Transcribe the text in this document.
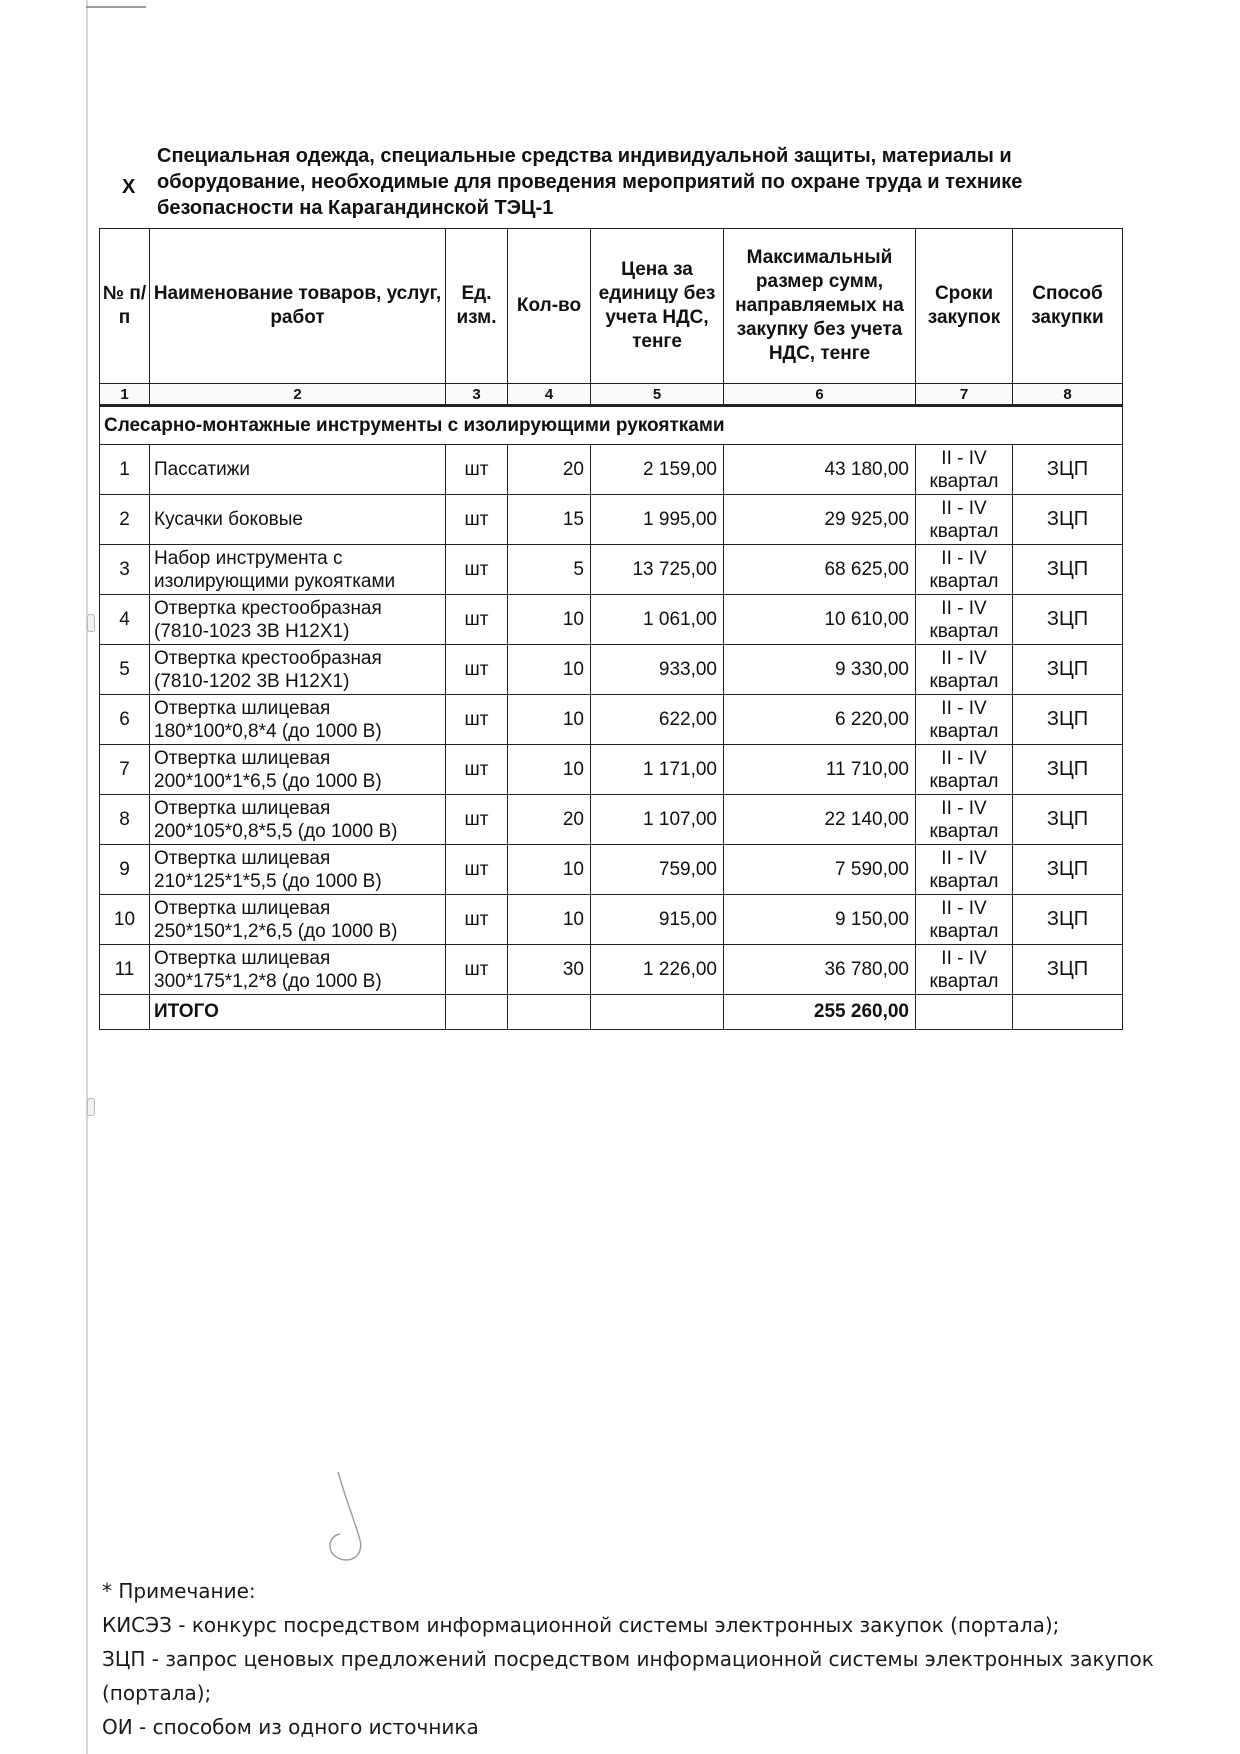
X
Специальная одежда, специальные средства индивидуальной защиты, материалы и оборудование, необходимые для проведения мероприятий по охране труда и технике безопасности на Карагандинской ТЭЦ-1
№ п/п	Наименование товаров, услуг, работ	Ед. изм.	Кол-во	Цена за единицу без учета НДС, тенге	Максимальный размер сумм, направляемых на закупку без учета НДС, тенге	Сроки закупок	Способ закупки
1	2	3	4	5	6	7	8
Слесарно-монтажные инструменты с изолирующими рукоятками							
1	Пассатижи	шт	20	2 159,00	43 180,00	II - IV квартал	ЗЦП
2	Кусачки боковые	шт	15	1 995,00	29 925,00	II - IV квартал	ЗЦП
3	Набор инструмента с изолирующими рукоятками	шт	5	13 725,00	68 625,00	II - IV квартал	ЗЦП
4	Отвертка крестообразная (7810-1023 3В Н12Х1)	шт	10	1 061,00	10 610,00	II - IV квартал	ЗЦП
5	Отвертка крестообразная (7810-1202 3В Н12Х1)	шт	10	933,00	9 330,00	II - IV квартал	ЗЦП
6	Отвертка шлицевая 180*100*0,8*4 (до 1000 В)	шт	10	622,00	6 220,00	II - IV квартал	ЗЦП
7	Отвертка шлицевая 200*100*1*6,5 (до 1000 В)	шт	10	1 171,00	11 710,00	II - IV квартал	ЗЦП
8	Отвертка шлицевая 200*105*0,8*5,5 (до 1000 В)	шт	20	1 107,00	22 140,00	II - IV квартал	ЗЦП
9	Отвертка шлицевая 210*125*1*5,5 (до 1000 В)	шт	10	759,00	7 590,00	II - IV квартал	ЗЦП
10	Отвертка шлицевая 250*150*1,2*6,5 (до 1000 В)	шт	10	915,00	9 150,00	II - IV квартал	ЗЦП
11	Отвертка шлицевая 300*175*1,2*8 (до 1000 В)	шт	30	1 226,00	36 780,00	II - IV квартал	ЗЦП
	ИТОГО				255 260,00		
* Примечание:
КИСЭЗ - конкурс посредством информационной системы электронных закупок (портала);
ЗЦП - запрос ценовых предложений посредством информационной системы электронных закупок
(портала);
ОИ - способом из одного источника
